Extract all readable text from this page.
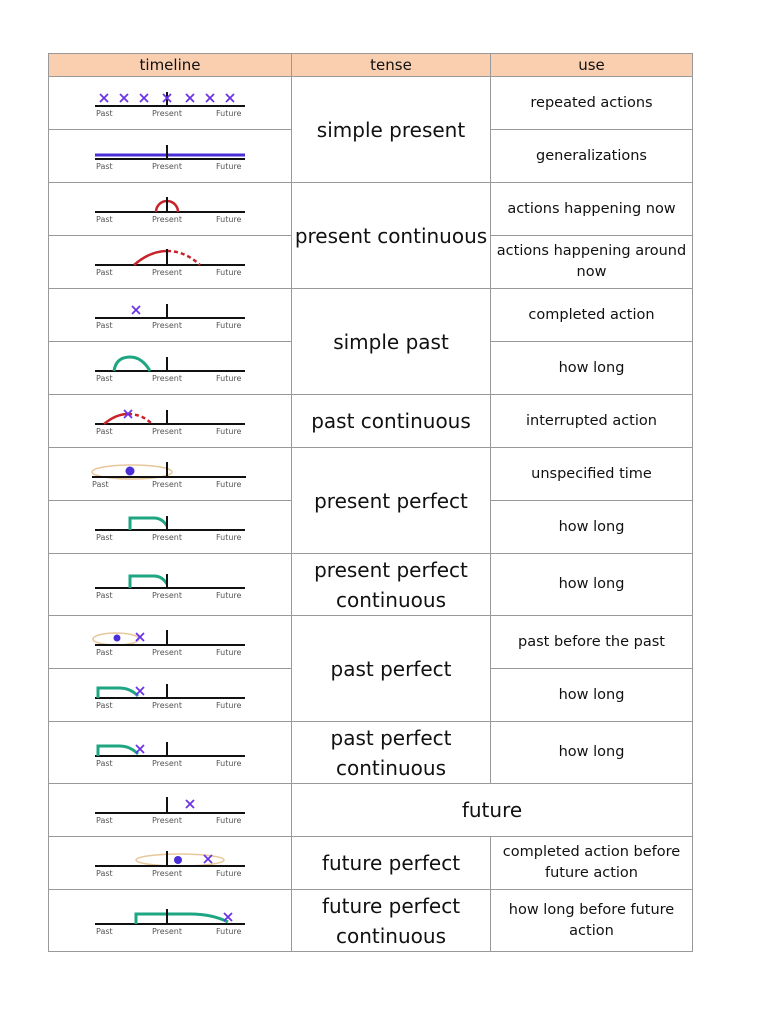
timeline	tense	use

Past Present Future	simple present	repeated actions

Past Present Future		generalizations

Past Present Future	present continuous	actions happening now

Past Present Future		actions happening around now

Past Present Future	simple past	completed action

Past Present Future		how long

Past Present Future	past continuous	interrupted action

Past Present Future	present perfect	unspecified time

Past Present Future		how long

Past Present Future	present perfect continuous	how long

Past Present Future	past perfect	past before the past

Past Present Future		how long

Past Present Future	past perfect continuous	how long

Past Present Future	future	

Past Present Future	future perfect	completed action before future action

Past Present Future	future perfect continuous	how long before future action
